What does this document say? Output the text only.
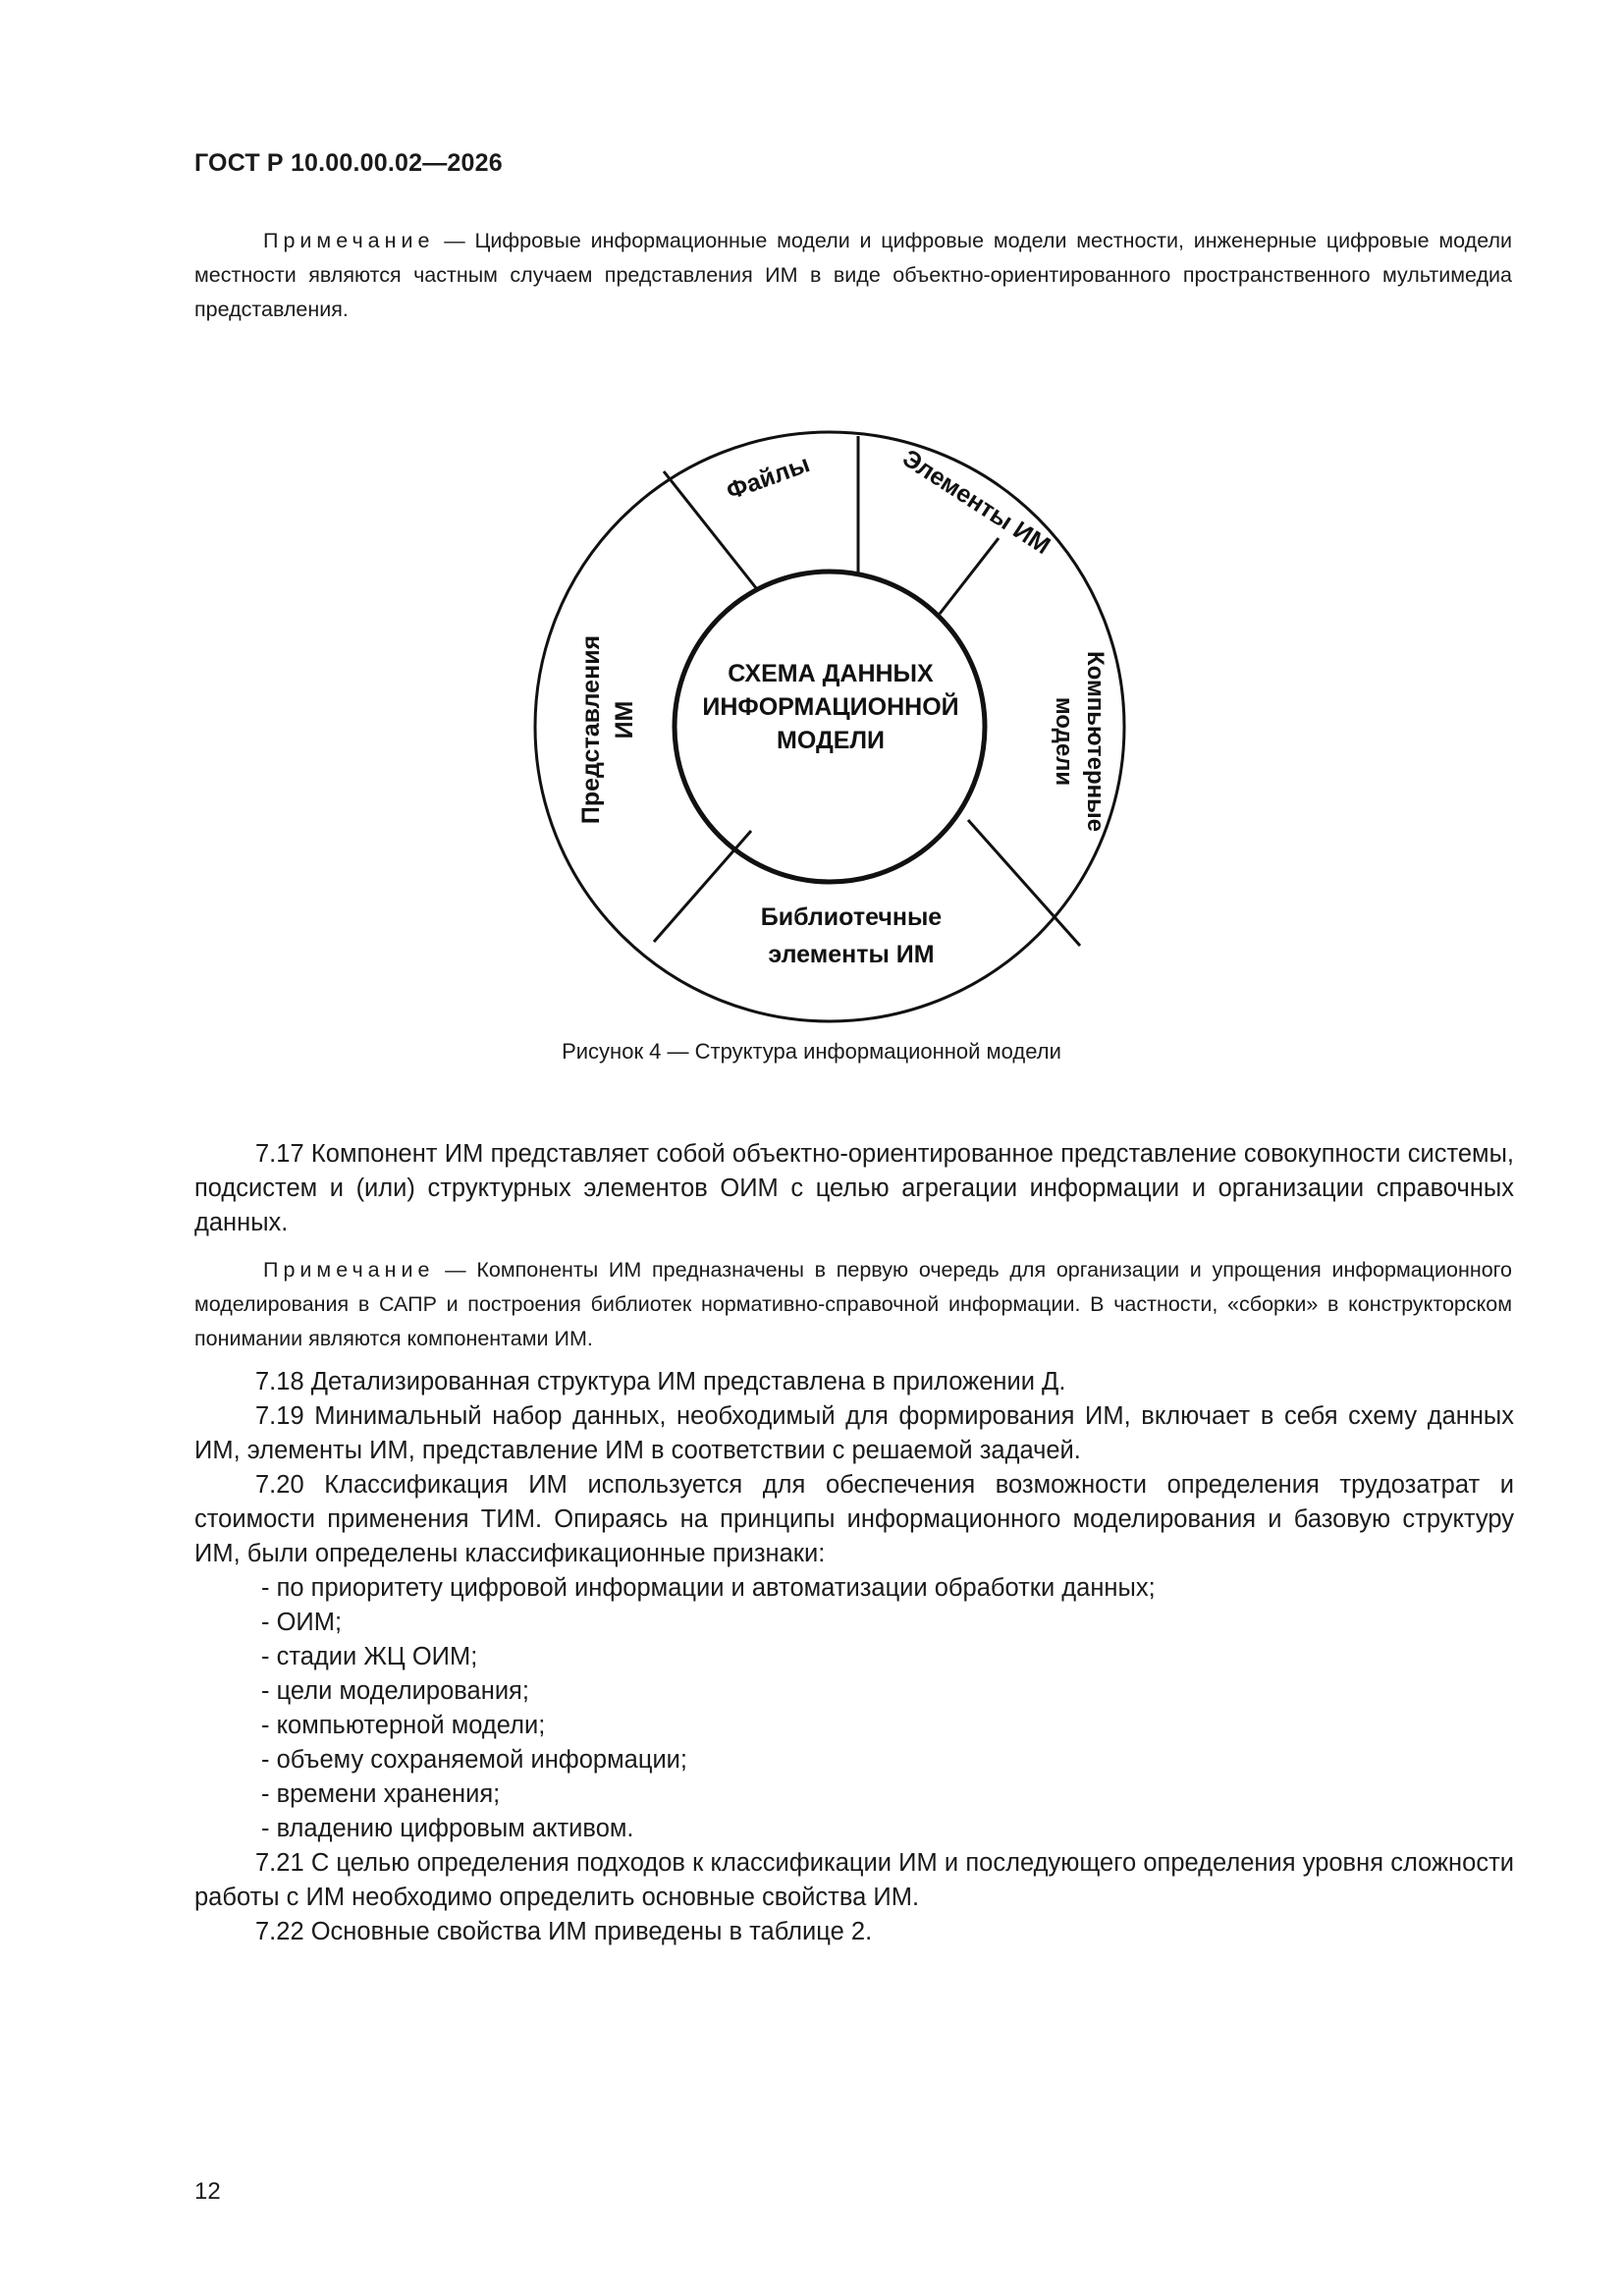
ГОСТ Р 10.00.00.02—2026
Примечание — Цифровые информационные модели и цифровые модели местности, инженерные цифровые модели местности являются частным случаем представления ИМ в виде объектно-ориентированного пространственного мультимедиа представления.
Файлы	Элементы ИМ
Компьютерные
модели
Библиотечные
элементы ИМ
Представления ИМ
СХЕМА ДАННЫХ
ИНФОРМАЦИОННОЙ
МОДЕЛИ
Рисунок 4 — Структура информационной модели

7.17 Компонент ИМ представляет собой объектно-ориентированное представление совокупности системы, подсистем и (или) структурных элементов ОИМ с целью агрегации информации и организации справочных данных.

Примечание — Компоненты ИМ предназначены в первую очередь для организации и упрощения информационного моделирования в САПР и построения библиотек нормативно-справочной информации. В частности, «сборки» в конструкторском понимании являются компонентами ИМ.

7.18 Детализированная структура ИМ представлена в приложении Д.

7.19 Минимальный набор данных, необходимый для формирования ИМ, включает в себя схему данных ИМ, элементы ИМ, представление ИМ в соответствии с решаемой задачей.

7.20 Классификация ИМ используется для обеспечения возможности определения трудозатрат и стоимости применения ТИМ. Опираясь на принципы информационного моделирования и базовую структуру ИМ, были определены классификационные признаки:

- по приоритету цифровой информации и автоматизации обработки данных;

- ОИМ;

- стадии ЖЦ ОИМ;

- цели моделирования;

- компьютерной модели;

- объему сохраняемой информации;

- времени хранения;

- владению цифровым активом.

7.21 С целью определения подходов к классификации ИМ и последующего определения уровня сложности работы с ИМ необходимо определить основные свойства ИМ.

7.22 Основные свойства ИМ приведены в таблице 2.

12
